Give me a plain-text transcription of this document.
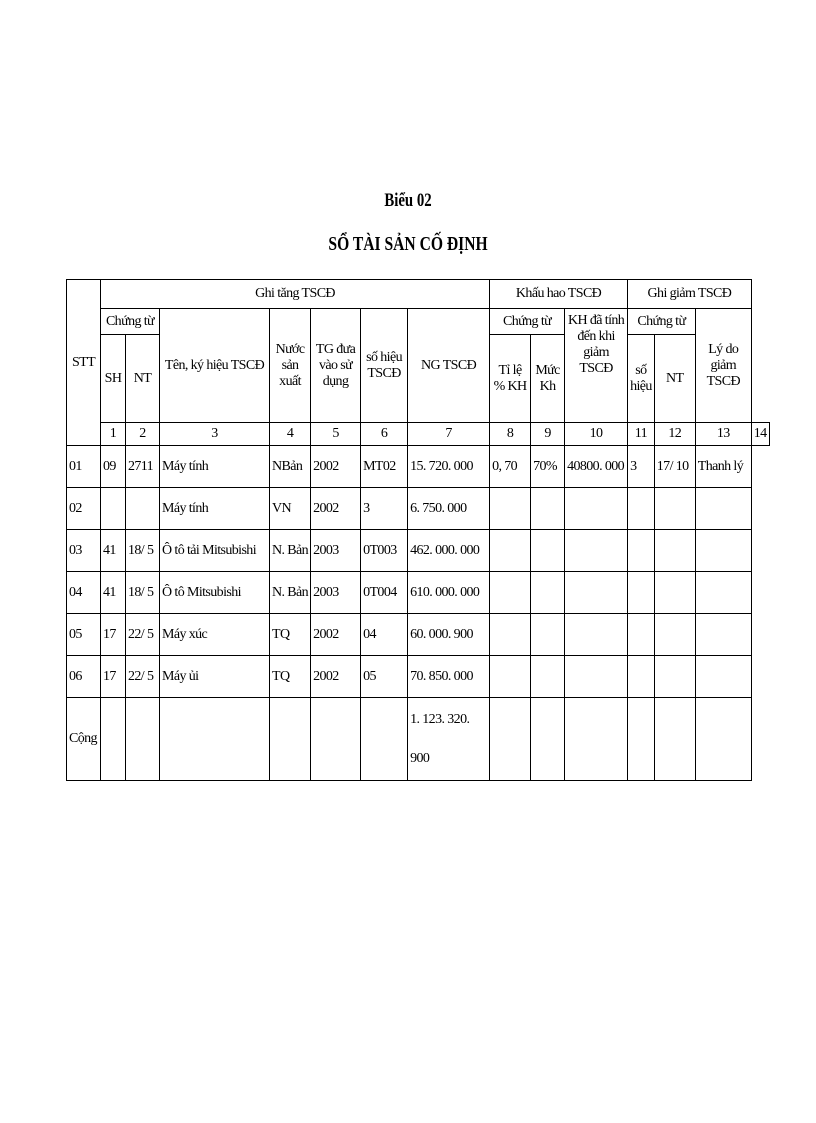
Biểu 02
SỔ TÀI SẢN CỐ ĐỊNH
STT	Ghi tăng TSCĐ							Khấu hao TSCĐ			Ghi giảm TSCĐ			
	Chứng từ		Tên, ký hiệu TSCĐ	Nước sản xuất	TG đưa vào sử dụng	số hiệu TSCĐ	NG TSCĐ	Chứng từ		KH đã tính đến khi giảm TSCĐ	Chứng từ		Lý do giảm TSCĐ	
	SH	NT						Tỉ lệ % KH	Mức Kh		số hiệu	NT		
	1	2	3	4	5	6	7	8	9	10	11	12	13	14
01	09	2711	Máy tính	NBản	2002	MT02	15. 720. 000	0, 70	70%	40800. 000	3	17/ 10	Thanh lý	
02			Máy tính	VN	2002	3	6. 750. 000							
03	41	18/ 5	Ô tô tải Mitsubishi	N. Bản	2003	0T003	462. 000. 000							
04	41	18/ 5	Ô tô Mitsubishi	N. Bản	2003	0T004	610. 000. 000							
05	17	22/ 5	Máy xúc	TQ	2002	04	60. 000. 900							
06	17	22/ 5	Máy ủi	TQ	2002	05	70. 850. 000							
Cộng							1. 123. 320. 900							
